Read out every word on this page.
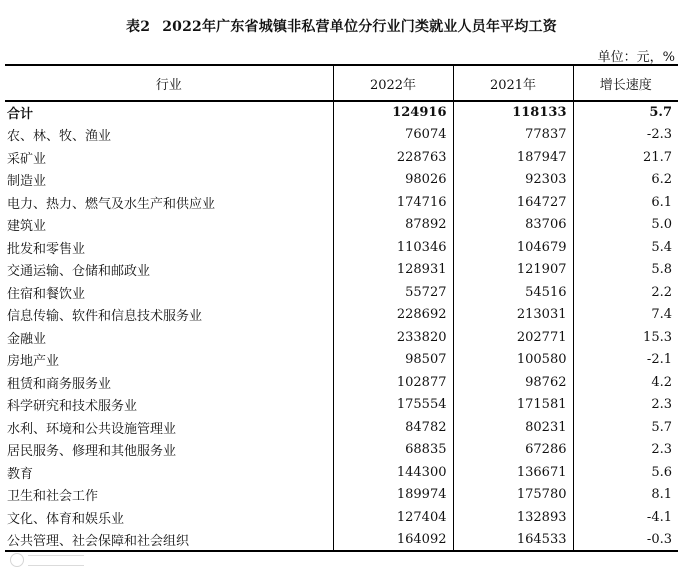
表2 2022年广东省城镇非私营单位分行业门类就业人员年平均工资
单位：元，%
行业	2022年	2021年	增长速度
合计	124916	118133	5.7
农、林、牧、渔业	76074	77837	-2.3
采矿业	228763	187947	21.7
制造业	98026	92303	6.2
电力、热力、燃气及水生产和供应业	174716	164727	6.1
建筑业	87892	83706	5.0
批发和零售业	110346	104679	5.4
交通运输、仓储和邮政业	128931	121907	5.8
住宿和餐饮业	55727	54516	2.2
信息传输、软件和信息技术服务业	228692	213031	7.4
金融业	233820	202771	15.3
房地产业	98507	100580	-2.1
租赁和商务服务业	102877	98762	4.2
科学研究和技术服务业	175554	171581	2.3
水利、环境和公共设施管理业	84782	80231	5.7
居民服务、修理和其他服务业	68835	67286	2.3
教育	144300	136671	5.6
卫生和社会工作	189974	175780	8.1
文化、体育和娱乐业	127404	132893	-4.1
公共管理、社会保障和社会组织	164092	164533	-0.3
